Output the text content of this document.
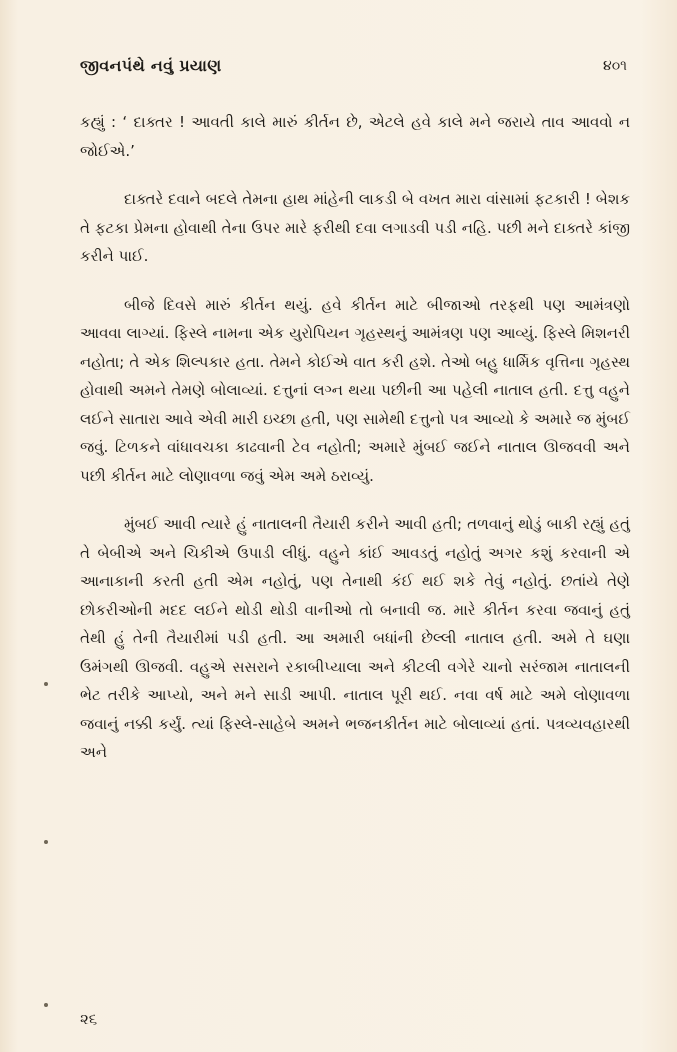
જીવનપંથે નવું પ્રયાણ	૪૦૧

કહ્યું : ‘ દાક્તર ! આવતી કાલે મારું કીર્તન છે, એટલે હવે કાલે મને જરાયે તાવ આવવો ન જોઈએ.’

દાક્તરે દવાને બદલે તેમના હાથ માંહેની લાકડી બે વખત મારા વાંસામાં ફટકારી ! બેશક તે ફટકા પ્રેમના હોવાથી તેના ઉપર મારે ફરીથી દવા લગાડવી પડી નહિ. પછી મને દાક્તરે કાંજી કરીને પાઈ.

બીજે દિવસે મારું કીર્તન થયું. હવે કીર્તન માટે બીજાઓ તરફથી પણ આમંત્રણો આવવા લાગ્યાં. ફિસ્લે નામના એક યુરોપિયન ગૃહસ્થનું આમંત્રણ પણ આવ્યું. ફિસ્લે મિશનરી નહોતા; તે એક શિલ્પકાર હતા. તેમને કોઈએ વાત કરી હશે. તેઓ બહુ ધાર્મિક વૃત્તિના ગૃહસ્થ હોવાથી અમને તેમણે બોલાવ્યાં. દત્તુનાં લગ્ન થયા પછીની આ પહેલી નાતાલ હતી. દત્તુ વહુને લઈને સાતારા આવે એવી મારી ઇચ્છા હતી, પણ સામેથી દત્તુનો પત્ર આવ્યો કે અમારે જ મુંબઈ જવું. ટિળકને વાંધાવચકા કાઢવાની ટેવ નહોતી; અમારે મુંબઈ જઈને નાતાલ ઊજવવી અને પછી કીર્તન માટે લોણાવળા જવું એમ અમે ઠરાવ્યું.

મુંબઈ આવી ત્યારે હું નાતાલની તૈયારી કરીને આવી હતી; તળવાનું થોડું બાકી રહ્યું હતું તે બેબીએ અને ચિકીએ ઉપાડી લીધું. વહુને કાંઈ આવડતું નહોતું અગર કશું કરવાની એ આનાકાની કરતી હતી એમ નહોતું, પણ તેનાથી કંઈ થઈ શકે તેવું નહોતું. છતાંયે તેણે છોકરીઓની મદદ લઈને થોડી થોડી વાનીઓ તો બનાવી જ. મારે કીર્તન કરવા જવાનું હતું તેથી હું તેની તૈયારીમાં પડી હતી. આ અમારી બધાંની છેલ્લી નાતાલ હતી. અમે તે ઘણા ઉમંગથી ઊજવી. વહુએ સસરાને રકાબીપ્યાલા અને કીટલી વગેરે ચાનો સરંજામ નાતાલની ભેટ તરીકે આપ્યો, અને મને સાડી આપી. નાતાલ પૂરી થઈ. નવા વર્ષ માટે અમે લોણાવળા જવાનું નક્કી કર્યું. ત્યાં ફિસ્લે-સાહેબે અમને ભજનકીર્તન માટે બોલાવ્યાં હતાં. પત્રવ્યવહારથી અને

૨૬
